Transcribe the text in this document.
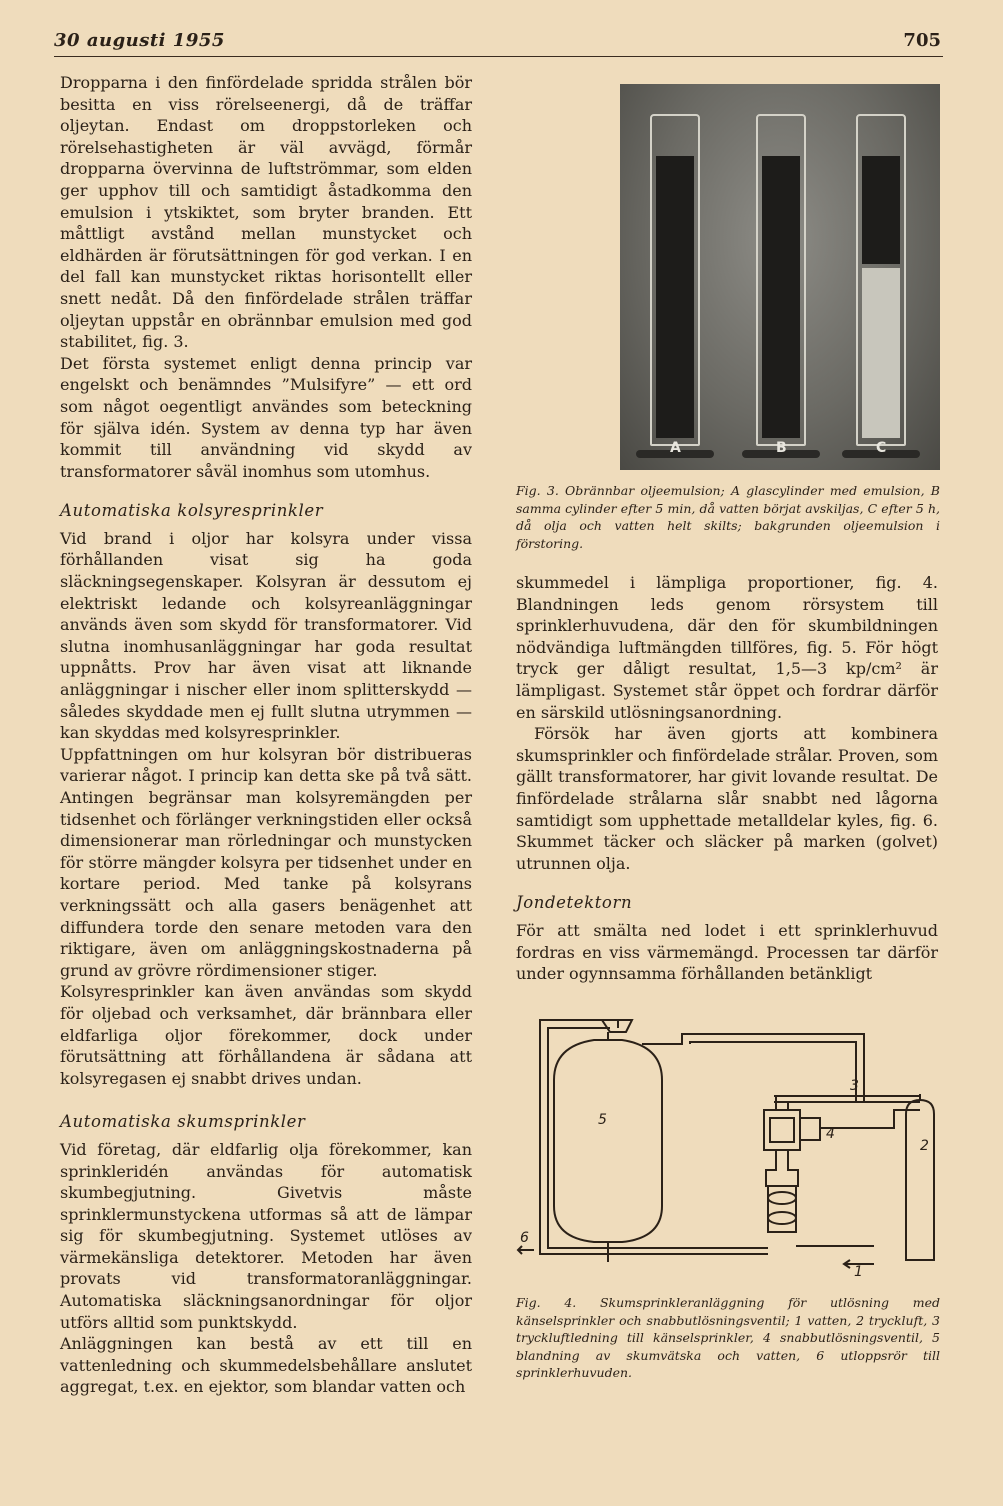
30 augusti 1955	705

Dropparna i den finfördelade spridda strålen bör besitta en viss rörelseenergi, då de träffar oljeytan. Endast om droppstorleken och rörelsehastigheten är väl avvägd, förmår dropparna övervinna de luftströmmar, som elden ger upphov till och samtidigt åstadkomma den emulsion i ytskiktet, som bryter branden. Ett måttligt avstånd mellan munstycket och eldhärden är förutsättningen för god verkan. I en del fall kan munstycket riktas horisontellt eller snett nedåt. Då den finfördelade strålen träffar oljeytan uppstår en obrännbar emulsion med god stabilitet, fig. 3.

Det första systemet enligt denna princip var engelskt och benämndes ”Mulsifyre” — ett ord som något oegentligt användes som beteckning för själva idén. System av denna typ har även kommit till användning vid skydd av transformatorer såväl inomhus som utomhus.

Automatiska kolsyresprinkler

Vid brand i oljor har kolsyra under vissa förhållanden visat sig ha goda släckningsegenskaper. Kolsyran är dessutom ej elektriskt ledande och kolsyreanläggningar används även som skydd för transformatorer. Vid slutna inomhusanläggningar har goda resultat uppnåtts. Prov har även visat att liknande anläggningar i nischer eller inom splitterskydd — således skyddade men ej fullt slutna utrymmen — kan skyddas med kolsyresprinkler.

Uppfattningen om hur kolsyran bör distribueras varierar något. I princip kan detta ske på två sätt. Antingen begränsar man kolsyremängden per tidsenhet och förlänger verkningstiden eller också dimensionerar man rörledningar och munstycken för större mängder kolsyra per tidsenhet under en kortare period. Med tanke på kolsyrans verkningssätt och alla gasers benägenhet att diffundera torde den senare metoden vara den riktigare, även om anläggningskostnaderna på grund av grövre rördimensioner stiger.

Kolsyresprinkler kan även användas som skydd för oljebad och verksamhet, där brännbara eller eldfarliga oljor förekommer, dock under förutsättning att förhållandena är sådana att kolsyregasen ej snabbt drives undan.

Automatiska skumsprinkler

Vid företag, där eldfarlig olja förekommer, kan sprinkleridén användas för automatisk skumbegjutning. Givetvis måste sprinklermunstyckena utformas så att de lämpar sig för skumbegjutning. Systemet utlöses av värmekänsliga detektorer. Metoden har även provats vid transformatoranläggningar. Automatiska släckningsanordningar för oljor utförs alltid som punktskydd.

Anläggningen kan bestå av ett till en vattenledning och skummedelsbehållare anslutet aggregat, t.ex. en ejektor, som blandar vatten och

A	B	C
Fig. 3. Obrännbar oljeemulsion; A glascylinder med emulsion, B samma cylinder efter 5 min, då vatten börjat avskiljas, C efter 5 h, då olja och vatten helt skilts; bakgrunden oljeemulsion i förstoring.

skummedel i lämpliga proportioner, fig. 4. Blandningen leds genom rörsystem till sprinklerhuvudena, där den för skumbildningen nödvändiga luftmängden tillföres, fig. 5. För högt tryck ger dåligt resultat, 1,5—3 kp/cm² är lämpligast. Systemet står öppet och fordrar därför en särskild utlösningsanordning.

Försök har även gjorts att kombinera skumsprinkler och finfördelade strålar. Proven, som gällt transformatorer, har givit lovande resultat. De finfördelade strålarna slår snabbt ned lågorna samtidigt som upphettade metalldelar kyles, fig. 6. Skummet täcker och släcker på marken (golvet) utrunnen olja.

Jondetektorn

För att smälta ned lodet i ett sprinklerhuvud fordras en viss värmemängd. Processen tar därför under ogynnsamma förhållanden betänkligt

5
3
4
2
6
1
Fig. 4. Skumsprinkleranläggning för utlösning med känselsprinkler och snabbutlösningsventil; 1 vatten, 2 tryckluft, 3 tryckluftledning till känselsprinkler, 4 snabbutlösningsventil, 5 blandning av skumvätska och vatten, 6 utloppsrör till sprinklerhuvuden.
